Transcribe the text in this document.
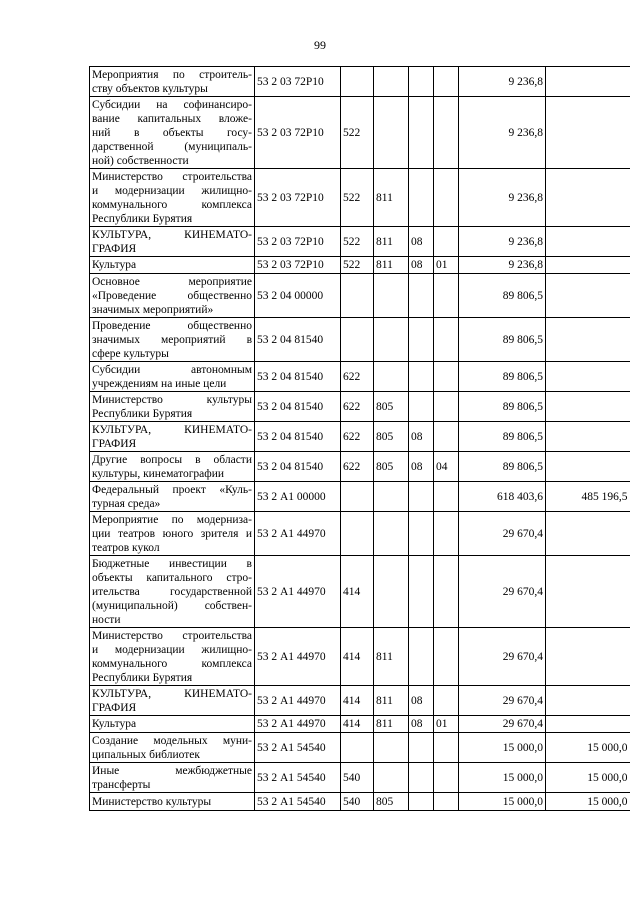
99
Мероприятия по строитель-
ству объектов культуры	53 2 03 72Р10					9 236,8	

Субсидии на софинансиро-
вание капитальных вложе-
ний в объекты госу-
дарственной (муниципаль-
ной) собственности	53 2 03 72Р10	522				9 236,8	

Министерство строительства
и модернизации жилищно-
коммунального комплекса
Республики Бурятия	53 2 03 72Р10	522	811			9 236,8	

КУЛЬТУРА, КИНЕМАТО-
ГРАФИЯ	53 2 03 72Р10	522	811	08		9 236,8	
Культура	53 2 03 72Р10	522	811	08	01	9 236,8	

Основное мероприятие
«Проведение общественно
значимых мероприятий»	53 2 04 00000					89 806,5	

Проведение общественно
значимых мероприятий в
сфере культуры	53 2 04 81540					89 806,5	

Субсидии автономным
учреждениям на иные цели	53 2 04 81540	622				89 806,5	

Министерство культуры
Республики Бурятия	53 2 04 81540	622	805			89 806,5	

КУЛЬТУРА, КИНЕМАТО-
ГРАФИЯ	53 2 04 81540	622	805	08		89 806,5	

Другие вопросы в области
культуры, кинематографии	53 2 04 81540	622	805	08	04	89 806,5	

Федеральный проект «Куль-
турная среда»	53 2 А1 00000					618 403,6	485 196,5

Мероприятие по модерниза-
ции театров юного зрителя и
театров кукол	53 2 А1 44970					29 670,4	

Бюджетные инвестиции в
объекты капитального стро-
ительства государственной
(муниципальной) собствен-
ности	53 2 А1 44970	414				29 670,4	

Министерство строительства
и модернизации жилищно-
коммунального комплекса
Республики Бурятия	53 2 А1 44970	414	811			29 670,4	

КУЛЬТУРА, КИНЕМАТО-
ГРАФИЯ	53 2 А1 44970	414	811	08		29 670,4	
Культура	53 2 А1 44970	414	811	08	01	29 670,4	

Создание модельных муни-
ципальных библиотек	53 2 А1 54540					15 000,0	15 000,0

Иные межбюджетные
трансферты	53 2 А1 54540	540				15 000,0	15 000,0
Министерство культуры	53 2 А1 54540	540	805			15 000,0	15 000,0
